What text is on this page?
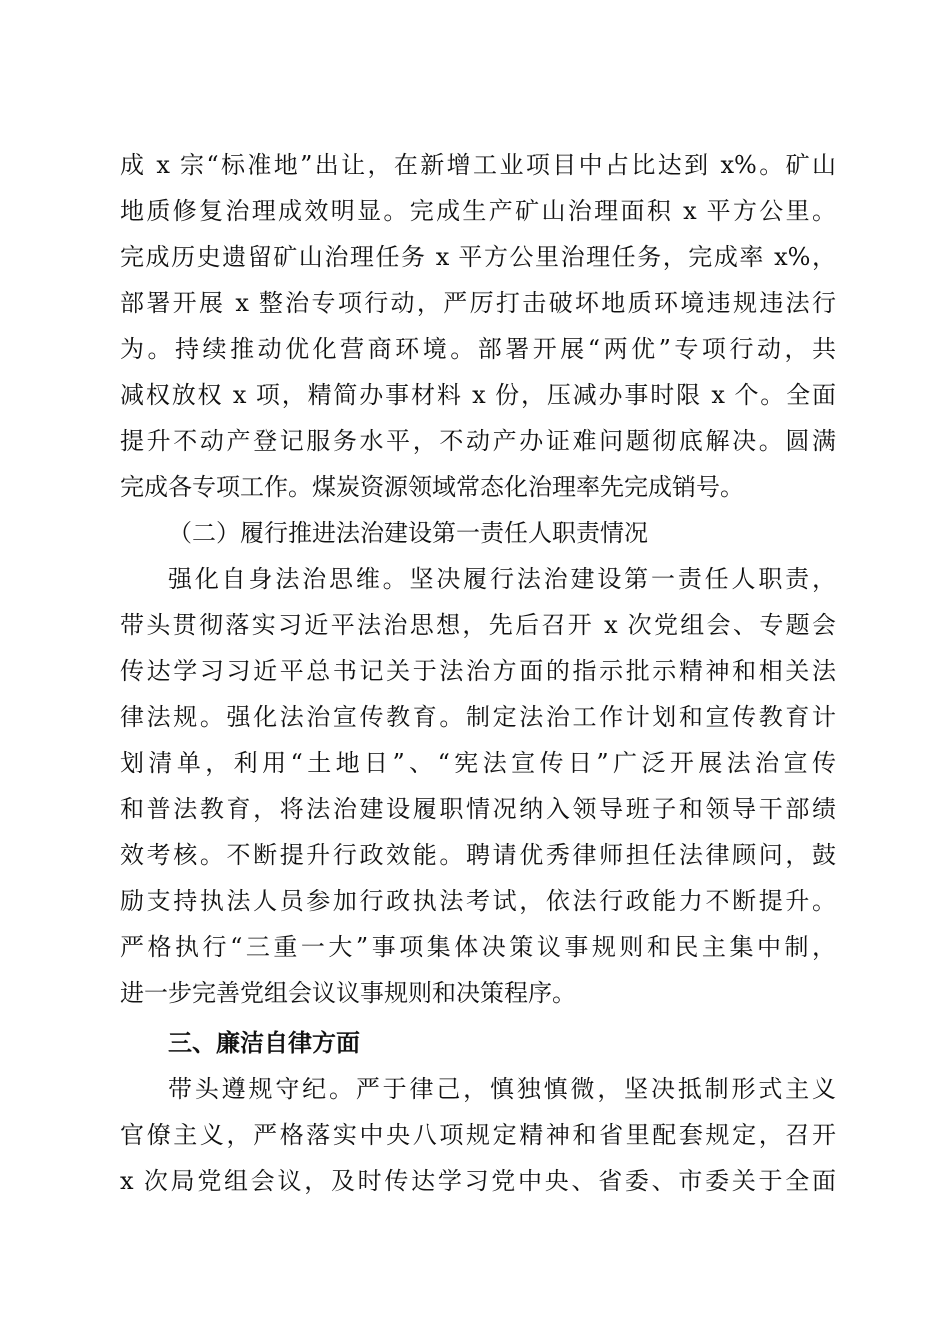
成 x 宗“标准地”出让，在新增工业项目中占比达到 x%。矿山
地质修复治理成效明显。完成生产矿山治理面积 x 平方公里。
完成历史遗留矿山治理任务 x 平方公里治理任务，完成率 x%，
部署开展 x 整治专项行动，严厉打击破坏地质环境违规违法行
为。持续推动优化营商环境。部署开展“两优”专项行动，共
减权放权 x 项，精简办事材料 x 份，压减办事时限 x 个。全面
提升不动产登记服务水平，不动产办证难问题彻底解决。圆满
完成各专项工作。煤炭资源领域常态化治理率先完成销号。
（二）履行推进法治建设第一责任人职责情况
强化自身法治思维。坚决履行法治建设第一责任人职责，
带头贯彻落实习近平法治思想，先后召开 x 次党组会、专题会
传达学习习近平总书记关于法治方面的指示批示精神和相关法
律法规。强化法治宣传教育。制定法治工作计划和宣传教育计
划清单，利用“土地日”、“宪法宣传日”广泛开展法治宣传
和普法教育，将法治建设履职情况纳入领导班子和领导干部绩
效考核。不断提升行政效能。聘请优秀律师担任法律顾问，鼓
励支持执法人员参加行政执法考试，依法行政能力不断提升。
严格执行“三重一大”事项集体决策议事规则和民主集中制，
进一步完善党组会议议事规则和决策程序。
三、廉洁自律方面
带头遵规守纪。严于律己，慎独慎微，坚决抵制形式主义
官僚主义，严格落实中央八项规定精神和省里配套规定，召开
x 次局党组会议，及时传达学习党中央、省委、市委关于全面
